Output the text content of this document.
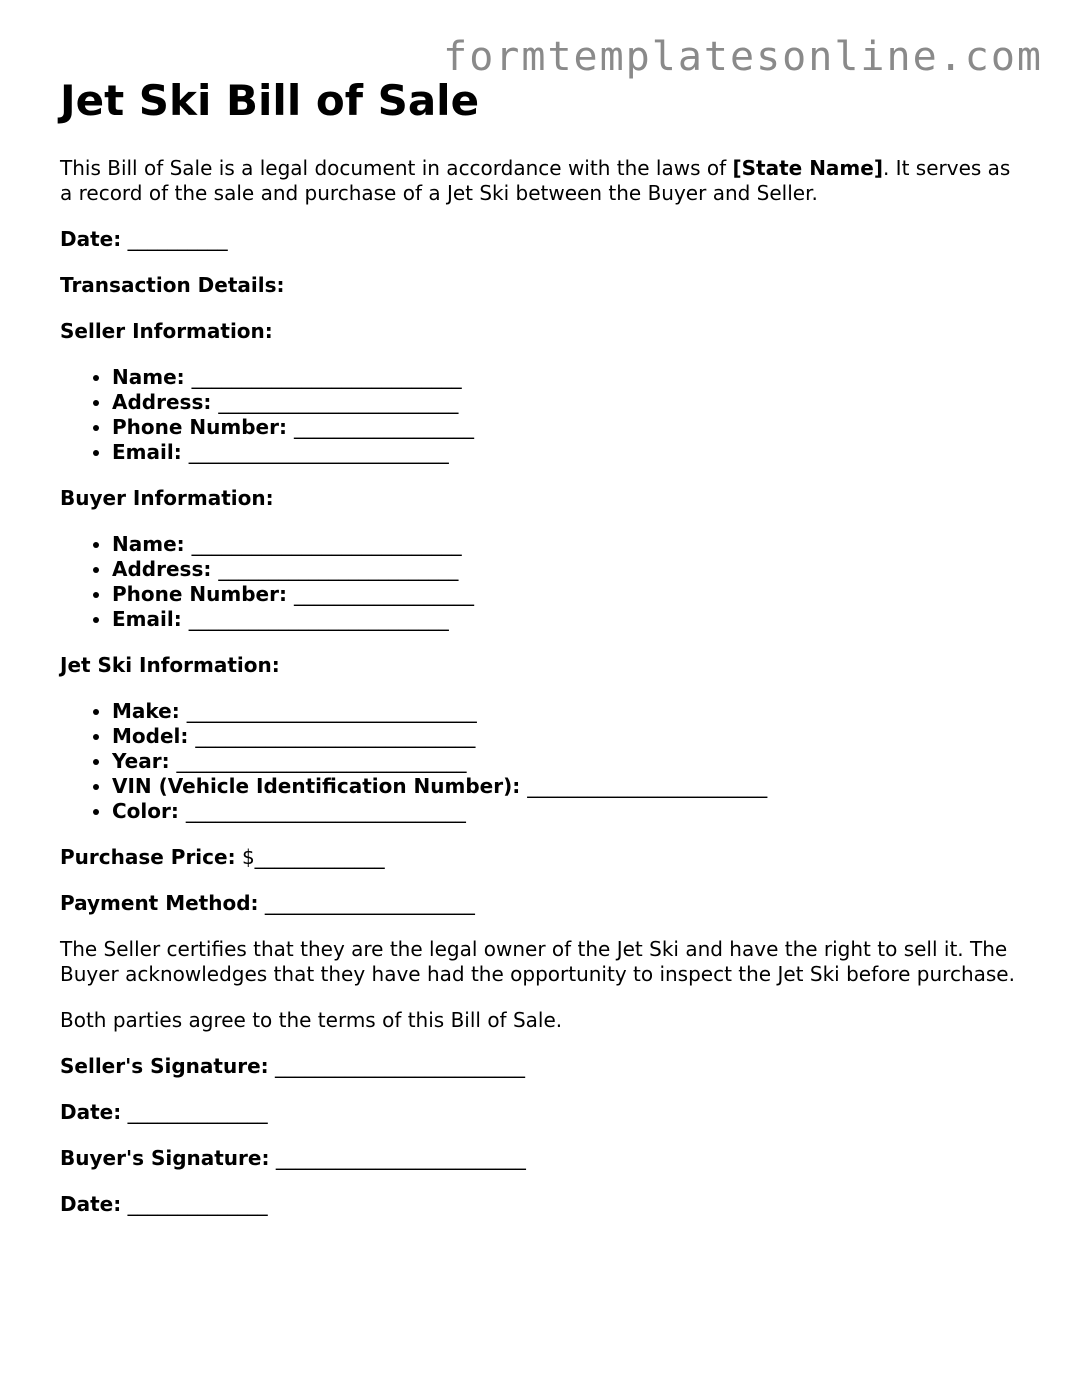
formtemplatesonline.com
Jet Ski Bill of Sale

This Bill of Sale is a legal document in accordance with the laws of [State Name]. It serves as a record of the sale and purchase of a Jet Ski between the Buyer and Seller.

Date: __________

Transaction Details:

Seller Information:

• Name: ___________________________
• Address: ________________________
• Phone Number: __________________
• Email: __________________________

Buyer Information:

• Name: ___________________________
• Address: ________________________
• Phone Number: __________________
• Email: __________________________

Jet Ski Information:

• Make: _____________________________
• Model: ____________________________
• Year: _____________________________
• VIN (Vehicle Identification Number): ________________________
• Color: ____________________________

Purchase Price: $_____________

Payment Method: _____________________

The Seller certifies that they are the legal owner of the Jet Ski and have the right to sell it. The Buyer acknowledges that they have had the opportunity to inspect the Jet Ski before purchase.

Both parties agree to the terms of this Bill of Sale.

Seller's Signature: _________________________

Date: ______________

Buyer's Signature: _________________________

Date: ______________
